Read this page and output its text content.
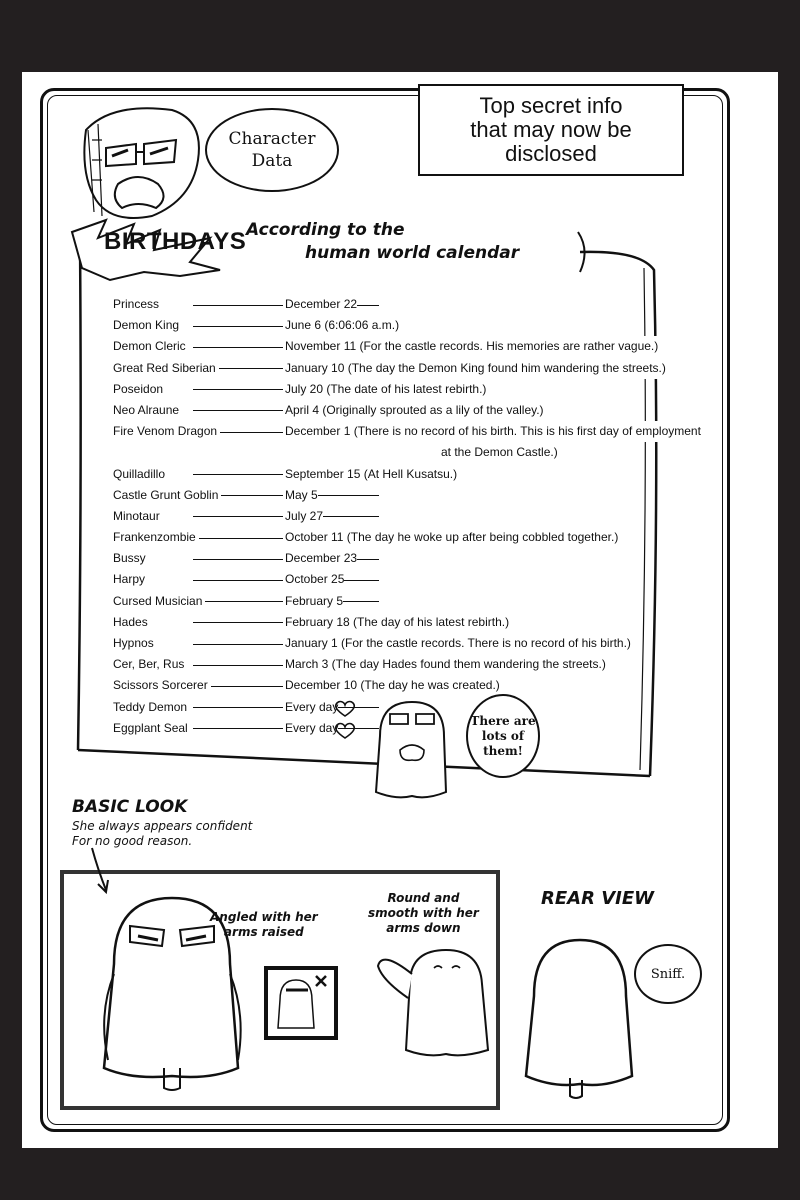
Character
Data
Top secret info
that may now be
disclosed
BIRTHDAYS According to the
human world calendar
Princess	December 22
Demon King	June 6 (6:06:06 a.m.)
Demon Cleric	November 11 (For the castle records. His memories are rather vague.)
Great Red Siberian	January 10 (The day the Demon King found him wandering the streets.)
Poseidon	July 20 (The date of his latest rebirth.)
Neo Alraune	April 4 (Originally sprouted as a lily of the valley.)
Fire Venom Dragon	December 1 (There is no record of his birth. This is his first day of employment
at the Demon Castle.)
Quilladillo	September 15 (At Hell Kusatsu.)
Castle Grunt Goblin	May 5
Minotaur	July 27
Frankenzombie	October 11 (The day he woke up after being cobbled together.)
Bussy	December 23
Harpy	October 25
Cursed Musician	February 5
Hades	February 18 (The day of his latest rebirth.)
Hypnos	January 1 (For the castle records. There is no record of his birth.)
Cer, Ber, Rus	March 3 (The day Hades found them wandering the streets.)
Scissors Sorcerer	December 10 (The day he was created.)
Teddy Demon	Every day
Eggplant Seal	Every day
There are
lots of
them!
BASIC LOOK
She always appears confident
For no good reason.
Angled with her
arms raised
Round and
smooth with her
arms down
REAR VIEW
Sniff.
